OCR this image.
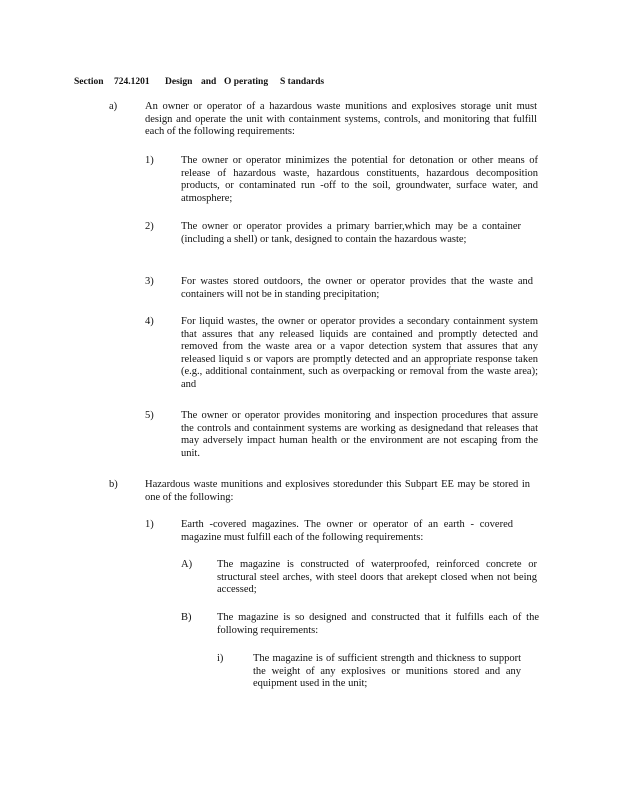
Section 724.1201 Design and O perating S tandards
a)	An owner or operator of a hazardous waste munitions and explosives storage unit must design and operate the unit with containment systems, controls, and monitoring that fulfill each of the following requirements:
1)	The owner or operator minimizes the potential for detonation or other means of release of hazardous waste, hazardous constituents, hazardous decomposition products, or contaminated run -off to the soil, groundwater, surface water, and atmosphere;
2)	The owner or operator provides a primary barrier,which may be a container (including a shell) or tank, designed to contain the hazardous waste;
3)	For wastes stored outdoors, the owner or operator provides that the waste and containers will not be in standing precipitation;
4)	For liquid wastes, the owner or operator provides a secondary containment system that assures that any released liquids are contained and promptly detected and removed from the waste area or a vapor detection system that assures that any released liquid s or vapors are promptly detected and an appropriate response taken (e.g., additional containment, such as overpacking or removal from the waste area); and
5)	The owner or operator provides monitoring and inspection procedures that assure the controls and containment systems are working as designedand that releases that may adversely impact human health or the environment are not escaping from the unit.
b)	Hazardous waste munitions and explosives storedunder this Subpart EE may be stored in one of the following:
1)	Earth -covered magazines. The owner or operator of an earth - covered magazine must fulfill each of the following requirements:
A) The magazine is constructed of waterproofed, reinforced concrete or structural steel arches, with steel doors that arekept closed when not being accessed;
B) The magazine is so designed and constructed that it fulfills each of the following requirements:
i)	The magazine is of sufficient strength and thickness to support the weight of any explosives or munitions stored and any equipment used in the unit;
